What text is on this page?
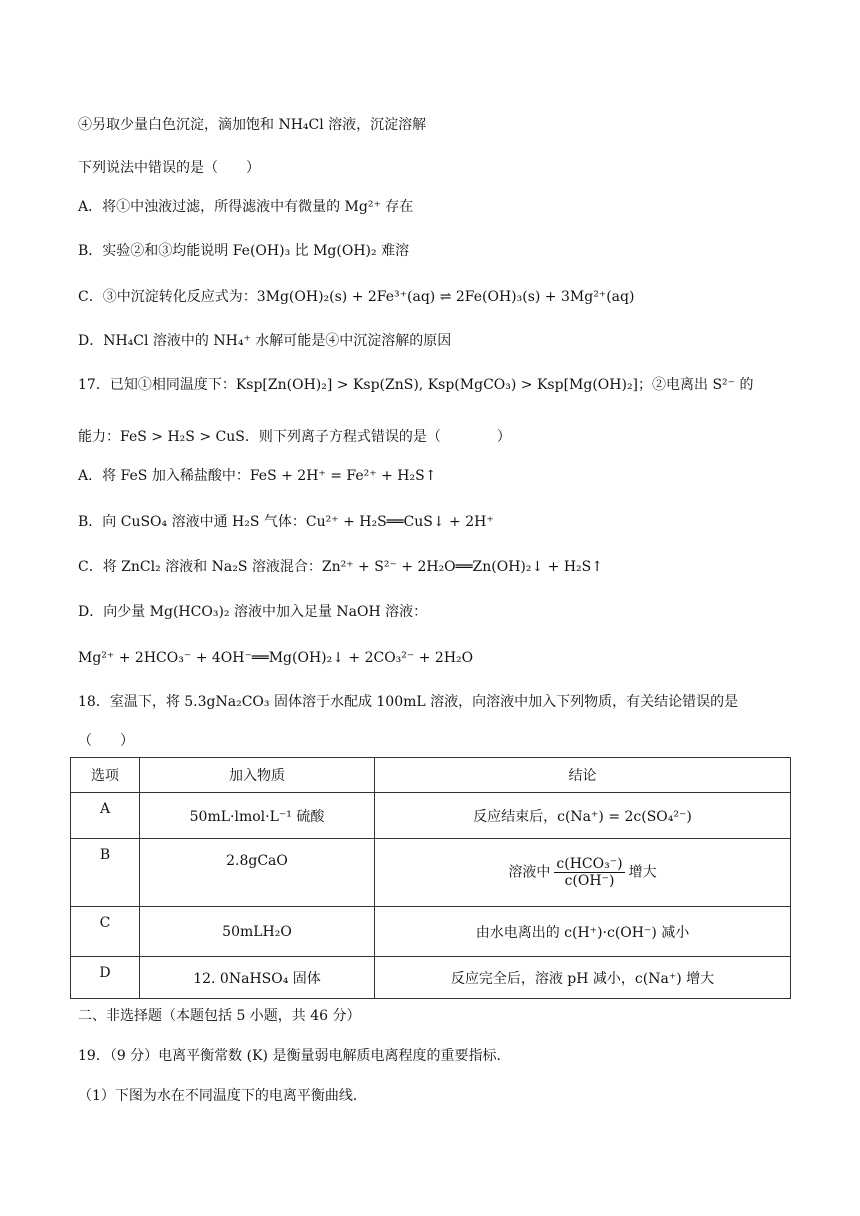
④另取少量白色沉淀，滴加饱和 NH₄Cl 溶液，沉淀溶解
下列说法中错误的是（　　）
A．将①中浊液过滤，所得滤液中有微量的 Mg²⁺ 存在
B．实验②和③均能说明 Fe(OH)₃ 比 Mg(OH)₂ 难溶
C．③中沉淀转化反应式为：3Mg(OH)₂(s) + 2Fe³⁺(aq) ⇌ 2Fe(OH)₃(s) + 3Mg²⁺(aq)
D．NH₄Cl 溶液中的 NH₄⁺ 水解可能是④中沉淀溶解的原因
17．已知①相同温度下：Ksp[Zn(OH)₂] > Ksp(ZnS), Ksp(MgCO₃) > Ksp[Mg(OH)₂]；②电离出 S²⁻ 的
能力：FeS > H₂S > CuS．则下列离子方程式错误的是（　　　　）
A．将 FeS 加入稀盐酸中：FeS + 2H⁺ = Fe²⁺ + H₂S↑
B．向 CuSO₄ 溶液中通 H₂S 气体：Cu²⁺ + H₂S══CuS↓ + 2H⁺
C．将 ZnCl₂ 溶液和 Na₂S 溶液混合：Zn²⁺ + S²⁻ + 2H₂O══Zn(OH)₂↓ + H₂S↑
D．向少量 Mg(HCO₃)₂ 溶液中加入足量 NaOH 溶液：
Mg²⁺ + 2HCO₃⁻ + 4OH⁻══Mg(OH)₂↓ + 2CO₃²⁻ + 2H₂O
18．室温下，将 5.3gNa₂CO₃ 固体溶于水配成 100mL 溶液，向溶液中加入下列物质，有关结论错误的是
（　　）
选项	加入物质	结论
A	50mL·lmol·L⁻¹ 硫酸	反应结束后，c(Na⁺) = 2c(SO₄²⁻)
B	2.8gCaO	溶液中 $\frac{\text{c(HCO₃⁻)}}{c(OH^-)}$ 增大
C	50mLH₂O	由水电离出的 c(H⁺)·c(OH⁻) 减小
D	12. 0NaHSO₄ 固体	反应完全后，溶液 pH 减小，c(Na⁺) 增大
二、非选择题（本题包括 5 小题，共 46 分）
19．（9 分）电离平衡常数 (K) 是衡量弱电解质电离程度的重要指标．
（1）下图为水在不同温度下的电离平衡曲线．
